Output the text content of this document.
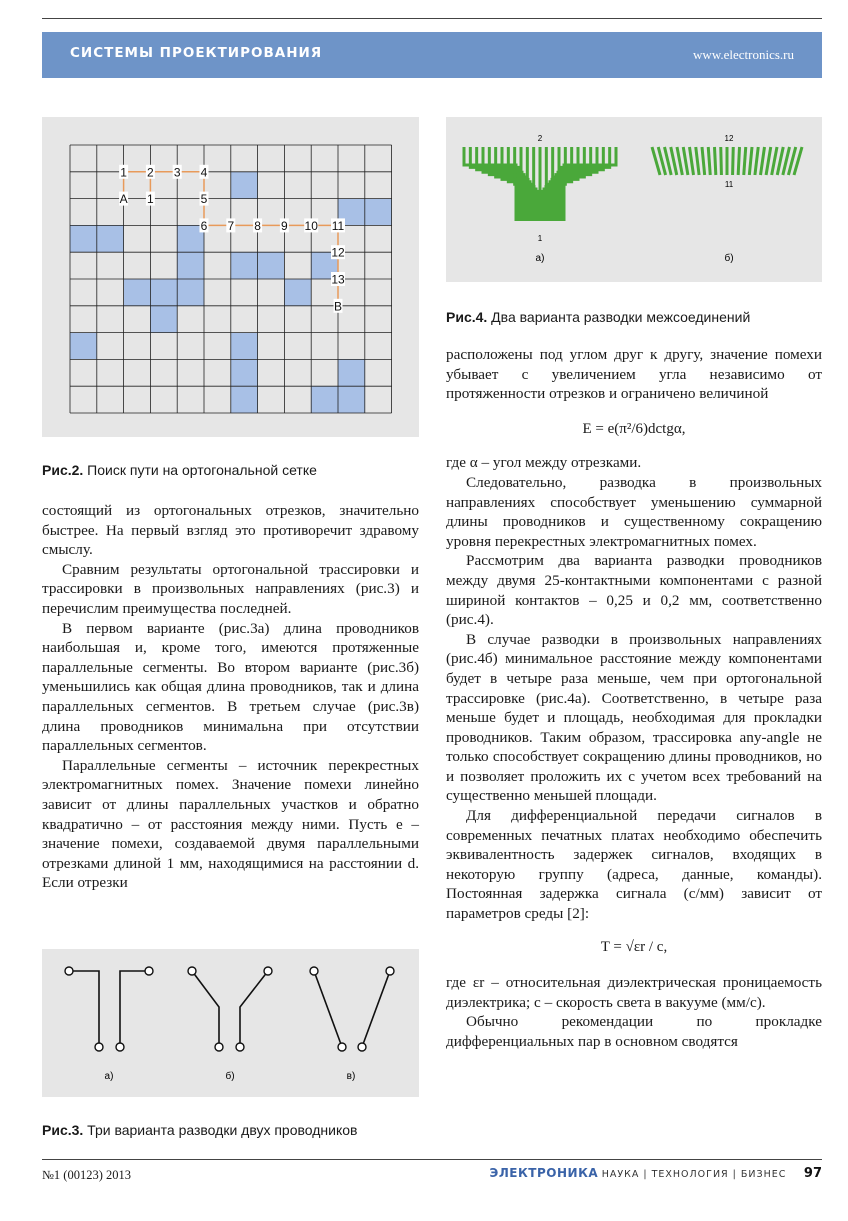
СИСТЕМЫ ПРОЕКТИРОВАНИЯ	www.electronics.ru
1 2 3 4
A 1	5
6 7 8 9 10 11
12
13
B
Рис.2. Поиск пути на ортогональной сетке
2
1
12
11
а)	б)
Рис.4. Два варианта разводки межсоединений

состоящий из ортогональных отрезков, значительно быстрее. На первый взгляд это противоречит здравому смыслу.

Сравним результаты ортогональной трассировки и трассировки в произвольных направлениях (рис.3) и перечислим преимущества последней.

В первом варианте (рис.3а) длина проводников наибольшая и, кроме того, имеются протяженные параллельные сегменты. Во втором варианте (рис.3б) уменьшились как общая длина проводников, так и длина параллельных сегментов. В третьем случае (рис.3в) длина проводников минимальна при отсутствии параллельных сегментов.

Параллельные сегменты – источник перекрестных электромагнитных помех. Значение помехи линейно зависит от длины параллельных участков и обратно квадратично – от расстояния между ними. Пусть e – значение помехи, создаваемой двумя параллельными отрезками длиной 1 мм, находящимися на расстоянии d. Если отрезки

а)	б)	в)
Рис.3. Три варианта разводки двух проводников

расположены под углом друг к другу, значение помехи убывает с увеличением угла независимо от протяженности отрезков и ограничено величиной

E = e(π²/6)dctgα,

где α – угол между отрезками.

Следовательно, разводка в произвольных направлениях способствует уменьшению суммарной длины проводников и существенному сокращению уровня перекрестных электромагнитных помех.

Рассмотрим два варианта разводки проводников между двумя 25-контактными компонентами с разной шириной контактов – 0,25 и 0,2 мм, соответственно (рис.4).

В случае разводки в произвольных направлениях (рис.4б) минимальное расстояние между компонентами будет в четыре раза меньше, чем при ортогональной трассировке (рис.4а). Соответственно, в четыре раза меньше будет и площадь, необходимая для прокладки проводников. Таким образом, трассировка any-angle не только способствует сокращению длины проводников, но и позволяет проложить их с учетом всех требований на существенно меньшей площади.

Для дифференциальной передачи сигналов в современных печатных платах необходимо обеспечить эквивалентность задержек сигналов, входящих в некоторую группу (адреса, данные, команды). Постоянная задержка сигнала (с/мм) зависит от параметров среды [2]:

T = √εr / c,

где εr – относительная диэлектрическая проницаемость диэлектрика; c – скорость света в вакууме (мм/с).

Обычно рекомендации по прокладке дифференциальных пар в основном сводятся

№1 (00123) 2013	ЭЛЕКТРОНИКА НАУКА | ТЕХНОЛОГИЯ | БИЗНЕС 97
